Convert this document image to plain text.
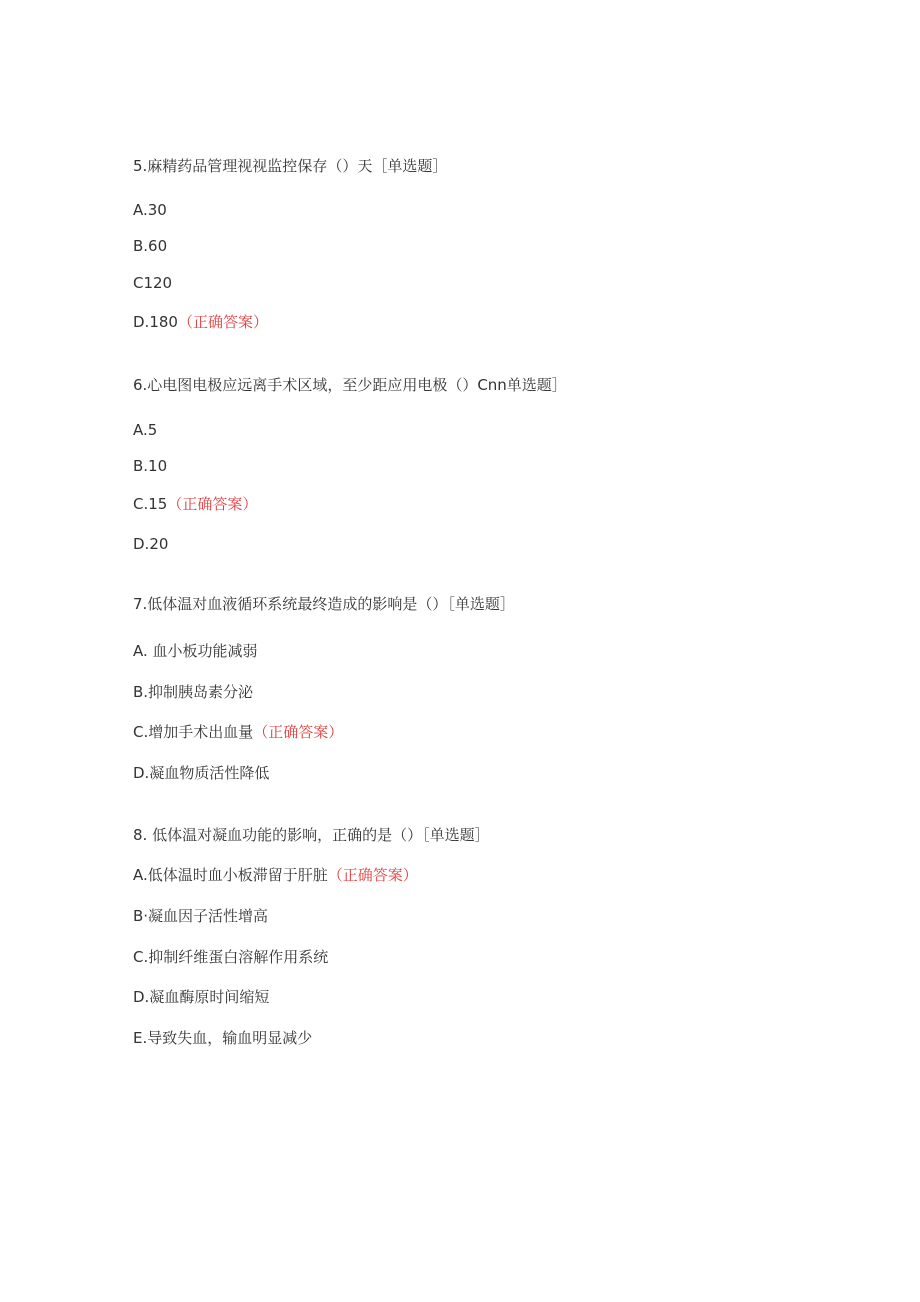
5.麻精药品管理视视监控保存（）天［单选题］
A.30
B.60
C120
D.180（正确答案）
6.心电图电极应远离手术区域，至少距应用电极（）Cnn单选题］
A.5
B.10
C.15（正确答案）
D.20
7.低体温对血液循环系统最终造成的影响是（）［单选题］
A. 血小板功能减弱
B.抑制胰岛素分泌
C.增加手术出血量（正确答案）
D.凝血物质活性降低
8. 低体温对凝血功能的影响，正确的是（）［单选题］
A.低体温时血小板滞留于肝脏（正确答案）
B·凝血因子活性增高
C.抑制纤维蛋白溶解作用系统
D.凝血酶原时间缩短
E.导致失血，输血明显减少
